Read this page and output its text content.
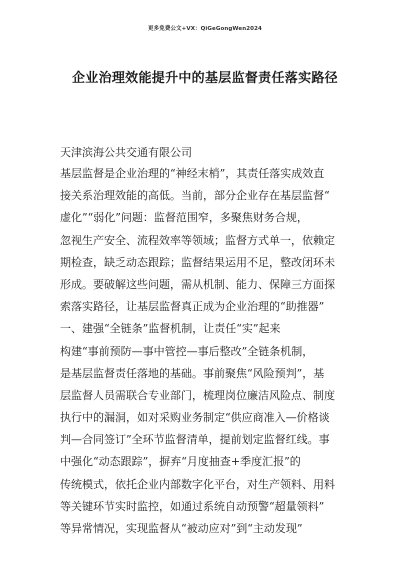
更多免费公文+VX：QiGeGongWen2024
企业治理效能提升中的基层监督责任落实路径
天津滨海公共交通有限公司
基层监督是企业治理的“神经末梢”，其责任落实成效直
接关系治理效能的高低。当前，部分企业存在基层监督“
虚化”“弱化”问题：监督范围窄，多聚焦财务合规，
忽视生产安全、流程效率等领域；监督方式单一，依赖定
期检查，缺乏动态跟踪；监督结果运用不足，整改闭环未
形成。要破解这些问题，需从机制、能力、保障三方面探
索落实路径，让基层监督真正成为企业治理的“助推器”
一、建强“全链条”监督机制，让责任“实”起来
构建“事前预防—事中管控—事后整改”全链条机制，
是基层监督责任落地的基础。事前聚焦“风险预判”，基
层监督人员需联合专业部门，梳理岗位廉洁风险点、制度
执行中的漏洞，如对采购业务制定“供应商准入—价格谈
判—合同签订”全环节监督清单，提前划定监督红线。事
中强化“动态跟踪”，摒弃“月度抽查+季度汇报”的
传统模式，依托企业内部数字化平台，对生产领料、用料
等关键环节实时监控，如通过系统自动预警“超量领料”
等异常情况，实现监督从“被动应对”到“主动发现”
